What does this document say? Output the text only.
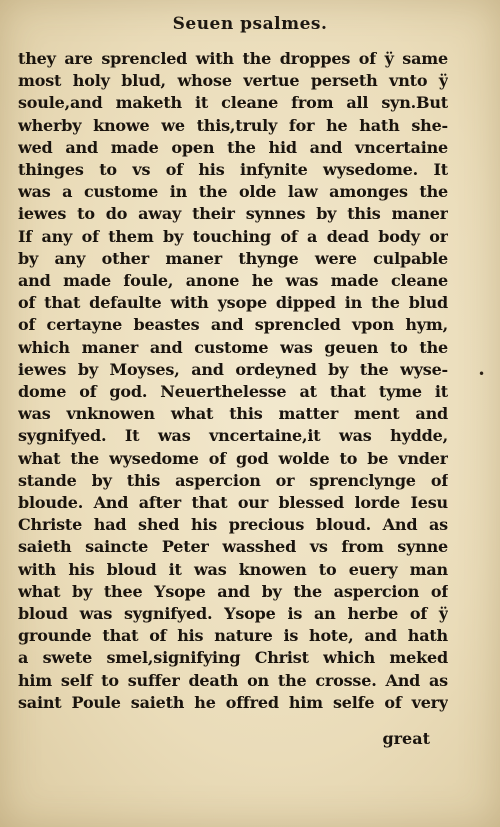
Seuen psalmes.
they are sprencled with the droppes of ÿ same
most holy blud, whose vertue perseth vnto ÿ
soule,and maketh it cleane from all syn.But
wherby knowe we this,truly for he hath she-
wed and made open the hid and vncertaine
thinges to vs of his infynite wysedome. It
was a custome in the olde law amonges the
iewes to do away their synnes by this maner
If any of them by touching of a dead body or
by any other maner thynge were culpable
and made foule, anone he was made cleane
of that defaulte with ysope dipped in the blud
of certayne beastes and sprencled vpon hym,
which maner and custome was geuen to the
iewes by Moyses, and ordeyned by the wyse-
dome of god. Neuerthelesse at that tyme it
was vnknowen what this matter ment and
sygnifyed. It was vncertaine,it was hydde,
what the wysedome of god wolde to be vnder
stande by this aspercion or sprenclynge of
bloude. And after that our blessed lorde Iesu
Christe had shed his precious bloud. And as
saieth saincte Peter wasshed vs from synne
with his bloud it was knowen to euery man
what by thee Ysope and by the aspercion of
bloud was sygnifyed. Ysope is an herbe of ÿ
grounde that of his nature is hote, and hath
a swete smel,signifying Christ which meked
him self to suffer death on the crosse. And as
saint Poule saieth he offred him selfe of very
•
great
